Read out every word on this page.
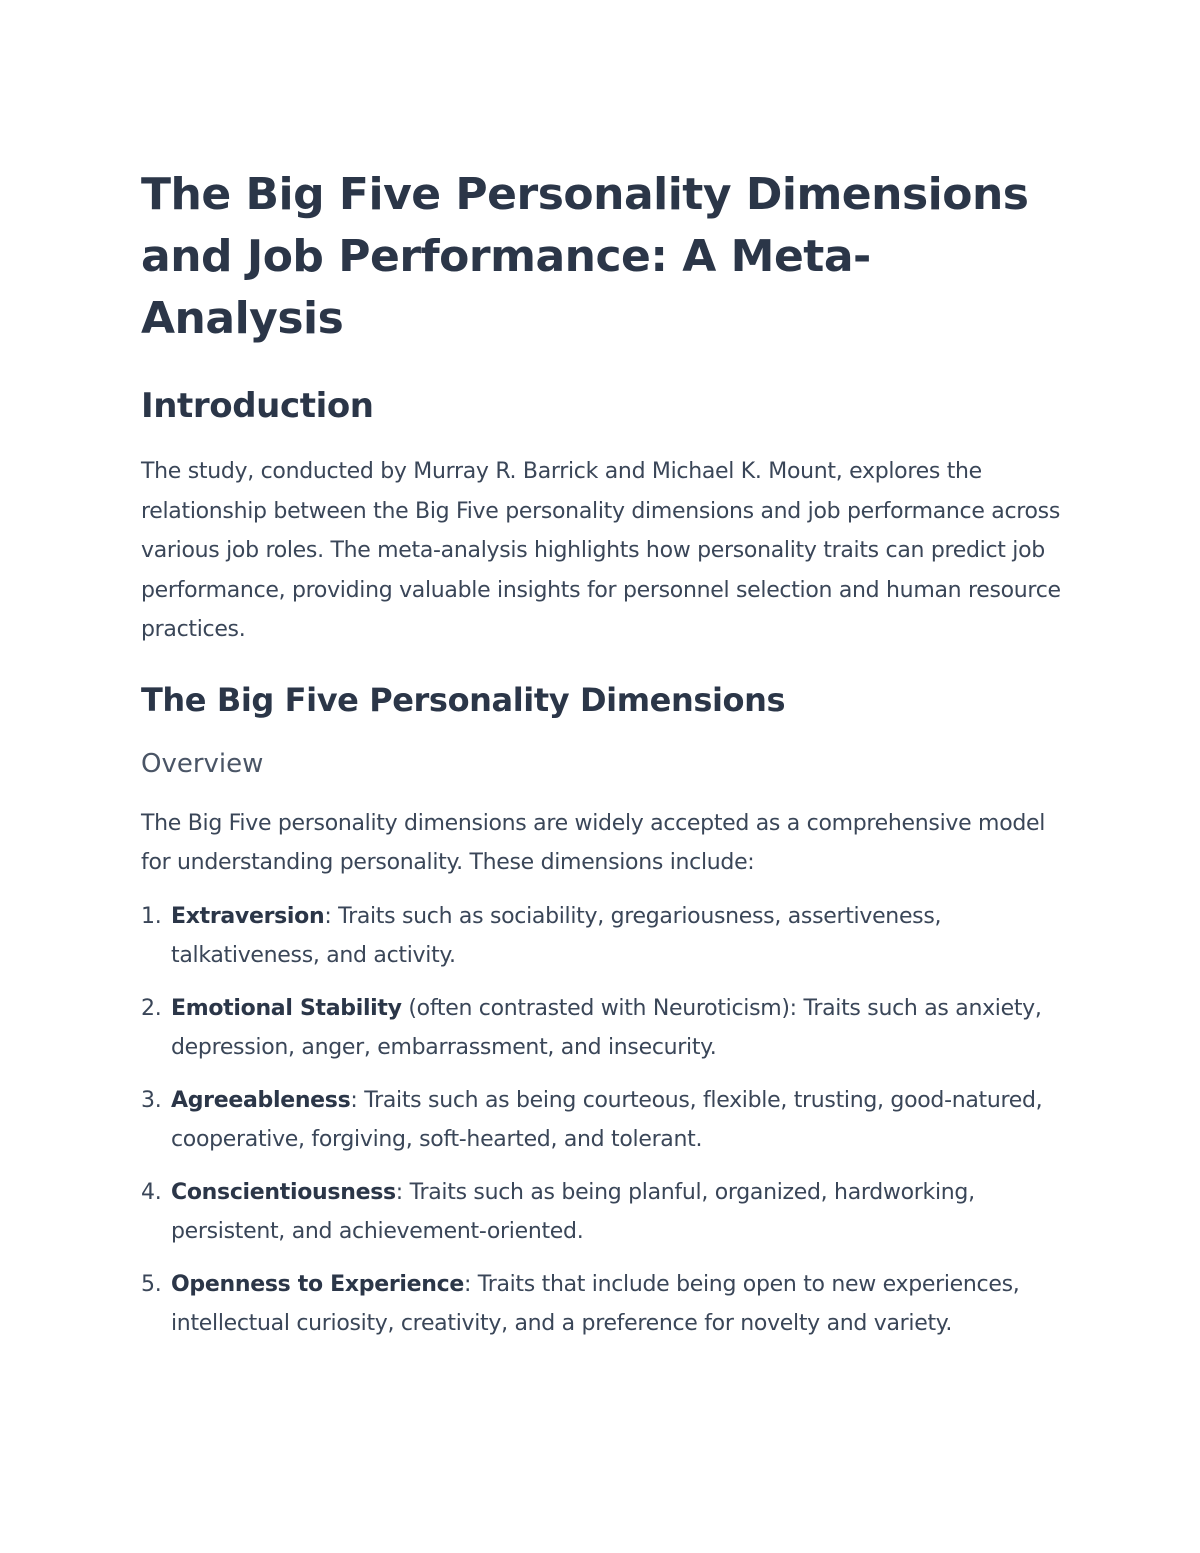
The Big Five Personality Dimensions
and Job Performance: A Meta-Analysis
Introduction

The study, conducted by Murray R. Barrick and Michael K. Mount, explores the relationship between the Big Five personality dimensions and job performance across various job roles. The meta-analysis highlights how personality traits can predict job performance, providing valuable insights for personnel selection and human resource practices.

The Big Five Personality Dimensions
Overview

The Big Five personality dimensions are widely accepted as a comprehensive model for understanding personality. These dimensions include:

1. Extraversion: Traits such as sociability, gregariousness, assertiveness, talkativeness, and activity.
2. Emotional Stability (often contrasted with Neuroticism): Traits such as anxiety, depression, anger, embarrassment, and insecurity.
3. Agreeableness: Traits such as being courteous, flexible, trusting, good-natured, cooperative, forgiving, soft-hearted, and tolerant.
4. Conscientiousness: Traits such as being planful, organized, hardworking, persistent, and achievement-oriented.
5. Openness to Experience: Traits that include being open to new experiences, intellectual curiosity, creativity, and a preference for novelty and variety.
